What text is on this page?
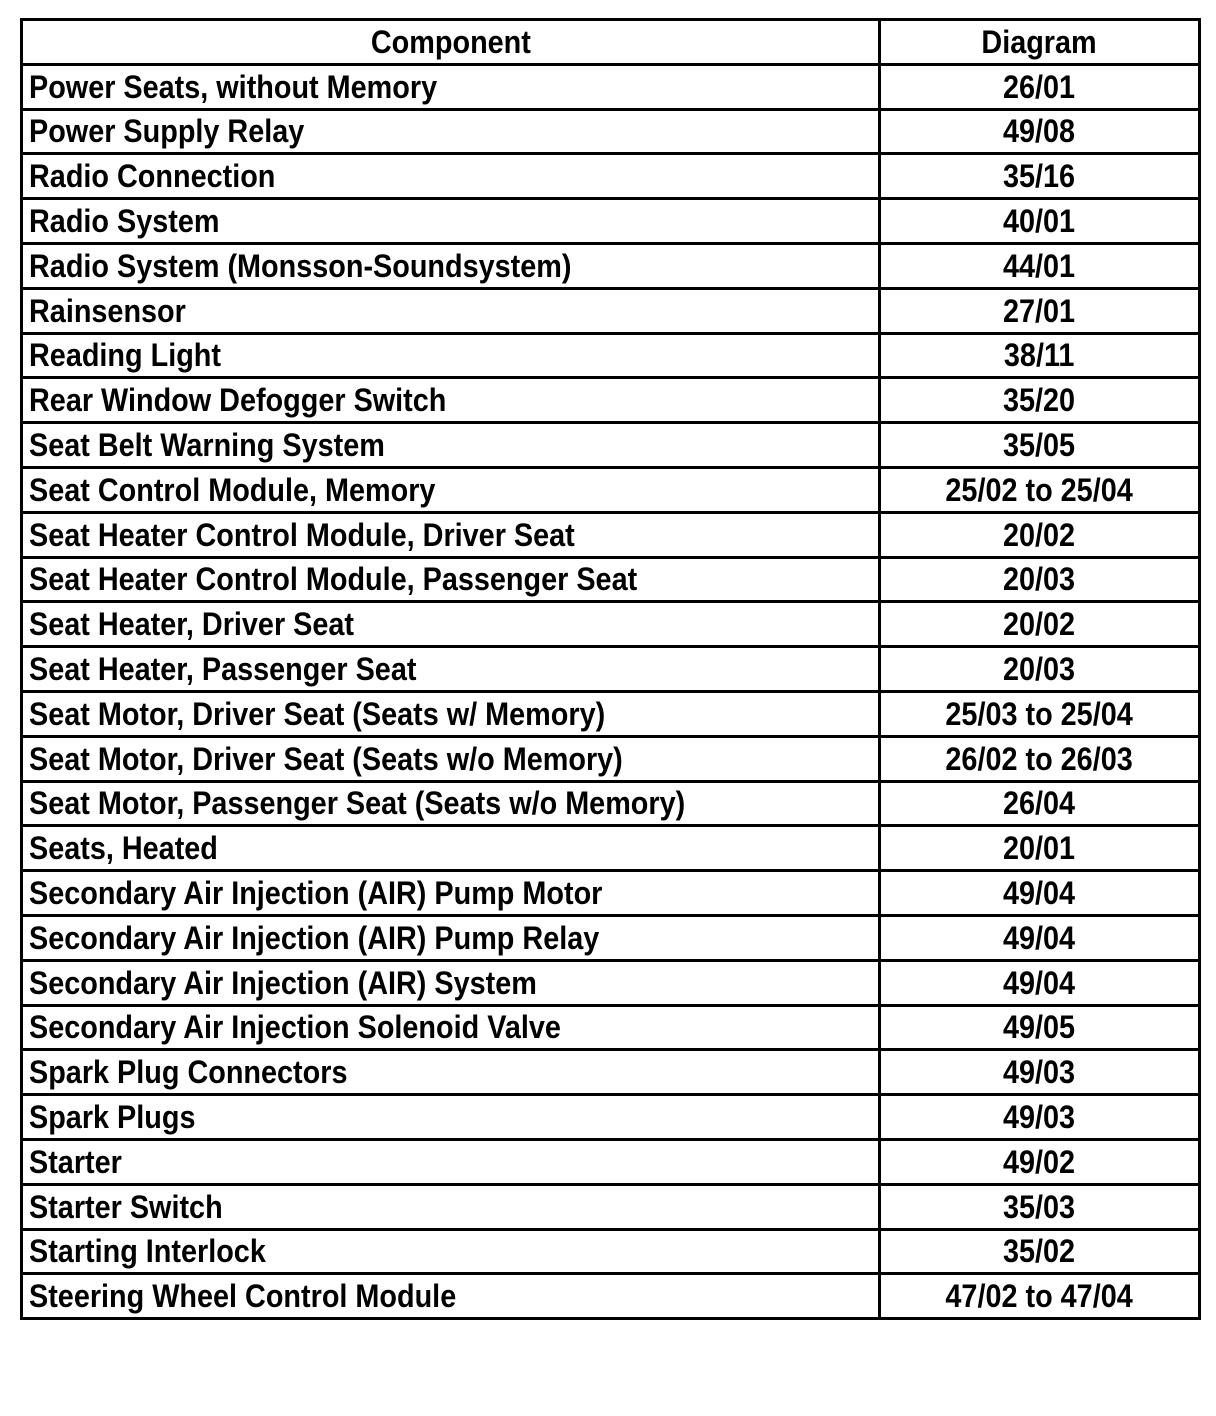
Component	Diagram
Power Seats, without Memory	26/01
Power Supply Relay	49/08
Radio Connection	35/16
Radio System	40/01
Radio System (Monsson-Soundsystem)	44/01
Rainsensor	27/01
Reading Light	38/11
Rear Window Defogger Switch	35/20
Seat Belt Warning System	35/05
Seat Control Module, Memory	25/02 to 25/04
Seat Heater Control Module, Driver Seat	20/02
Seat Heater Control Module, Passenger Seat	20/03
Seat Heater, Driver Seat	20/02
Seat Heater, Passenger Seat	20/03
Seat Motor, Driver Seat (Seats w/ Memory)	25/03 to 25/04
Seat Motor, Driver Seat (Seats w/o Memory)	26/02 to 26/03
Seat Motor, Passenger Seat (Seats w/o Memory)	26/04
Seats, Heated	20/01
Secondary Air Injection (AIR) Pump Motor	49/04
Secondary Air Injection (AIR) Pump Relay	49/04
Secondary Air Injection (AIR) System	49/04
Secondary Air Injection Solenoid Valve	49/05
Spark Plug Connectors	49/03
Spark Plugs	49/03
Starter	49/02
Starter Switch	35/03
Starting Interlock	35/02
Steering Wheel Control Module	47/02 to 47/04
